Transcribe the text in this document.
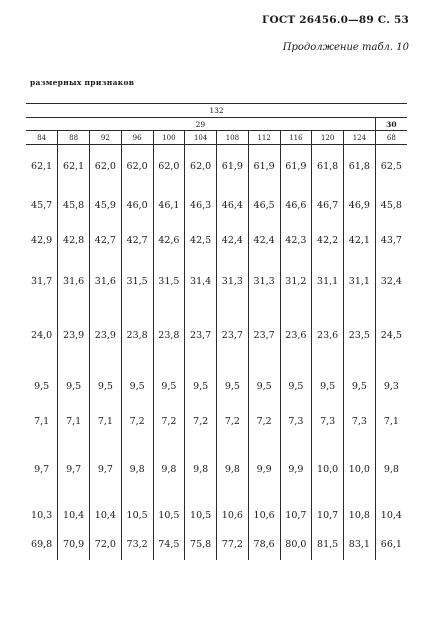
ГОСТ 26456.0—89 С. 53
Продолжение табл. 10
размерных признаков
132											
29											30
84	88	92	96	100	104	108	112	116	120	124	68
62,1	62,1	62,0	62,0	62,0	62,0	61,9	61,9	61,9	61,8	61,8	62,5
45,7	45,8	45,9	46,0	46,1	46,3	46,4	46,5	46,6	46,7	46,9	45,8
42,9	42,8	42,7	42,7	42,6	42,5	42,4	42,4	42,3	42,2	42,1	43,7
31,7	31,6	31,6	31,5	31,5	31,4	31,3	31,3	31,2	31,1	31,1	32,4
24,0	23,9	23,9	23,8	23,8	23,7	23,7	23,7	23,6	23,6	23,5	24,5
9,5	9,5	9,5	9,5	9,5	9,5	9,5	9,5	9,5	9,5	9,5	9,3
7,1	7,1	7,1	7,2	7,2	7,2	7,2	7,2	7,3	7,3	7,3	7,1
9,7	9,7	9,7	9,8	9,8	9,8	9,8	9,9	9,9	10,0	10,0	9,8
10,3	10,4	10,4	10,5	10,5	10,5	10,6	10,6	10,7	10,7	10,8	10,4
69,8	70,9	72,0	73,2	74,5	75,8	77,2	78,6	80,0	81,5	83,1	66,1
